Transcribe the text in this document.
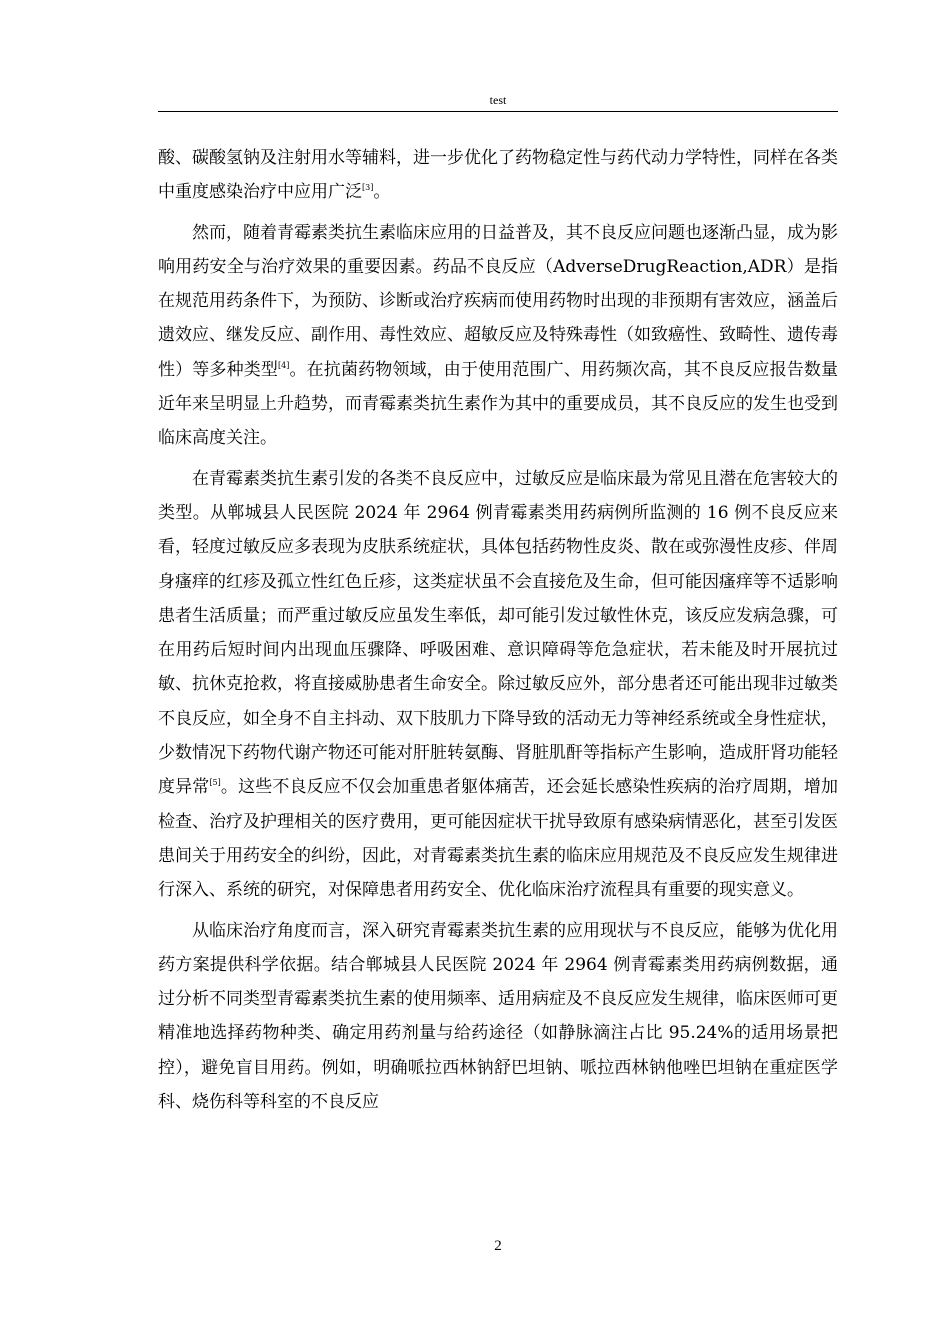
test

酸、碳酸氢钠及注射用水等辅料，进一步优化了药物稳定性与药代动力学特性，同样在各类中重度感染治疗中应用广泛[3]。

然而，随着青霉素类抗生素临床应用的日益普及，其不良反应问题也逐渐凸显，成为影响用药安全与治疗效果的重要因素。药品不良反应（AdverseDrugReaction,ADR）是指在规范用药条件下，为预防、诊断或治疗疾病而使用药物时出现的非预期有害效应，涵盖后遗效应、继发反应、副作用、毒性效应、超敏反应及特殊毒性（如致癌性、致畸性、遗传毒性）等多种类型[4]。在抗菌药物领域，由于使用范围广、用药频次高，其不良反应报告数量近年来呈明显上升趋势，而青霉素类抗生素作为其中的重要成员，其不良反应的发生也受到临床高度关注。

在青霉素类抗生素引发的各类不良反应中，过敏反应是临床最为常见且潜在危害较大的类型。从郸城县人民医院 2024 年 2964 例青霉素类用药病例所监测的 16 例不良反应来看，轻度过敏反应多表现为皮肤系统症状，具体包括药物性皮炎、散在或弥漫性皮疹、伴周身瘙痒的红疹及孤立性红色丘疹，这类症状虽不会直接危及生命，但可能因瘙痒等不适影响患者生活质量；而严重过敏反应虽发生率低，却可能引发过敏性休克，该反应发病急骤，可在用药后短时间内出现血压骤降、呼吸困难、意识障碍等危急症状，若未能及时开展抗过敏、抗休克抢救，将直接威胁患者生命安全。除过敏反应外，部分患者还可能出现非过敏类不良反应，如全身不自主抖动、双下肢肌力下降导致的活动无力等神经系统或全身性症状，少数情况下药物代谢产物还可能对肝脏转氨酶、肾脏肌酐等指标产生影响，造成肝肾功能轻度异常[5]。这些不良反应不仅会加重患者躯体痛苦，还会延长感染性疾病的治疗周期，增加检查、治疗及护理相关的医疗费用，更可能因症状干扰导致原有感染病情恶化，甚至引发医患间关于用药安全的纠纷，因此，对青霉素类抗生素的临床应用规范及不良反应发生规律进行深入、系统的研究，对保障患者用药安全、优化临床治疗流程具有重要的现实意义。

从临床治疗角度而言，深入研究青霉素类抗生素的应用现状与不良反应，能够为优化用药方案提供科学依据。结合郸城县人民医院 2024 年 2964 例青霉素类用药病例数据，通过分析不同类型青霉素类抗生素的使用频率、适用病症及不良反应发生规律，临床医师可更精准地选择药物种类、确定用药剂量与给药途径（如静脉滴注占比 95.24%的适用场景把控），避免盲目用药。例如，明确哌拉西林钠舒巴坦钠、哌拉西林钠他唑巴坦钠在重症医学科、烧伤科等科室的不良反应

2
